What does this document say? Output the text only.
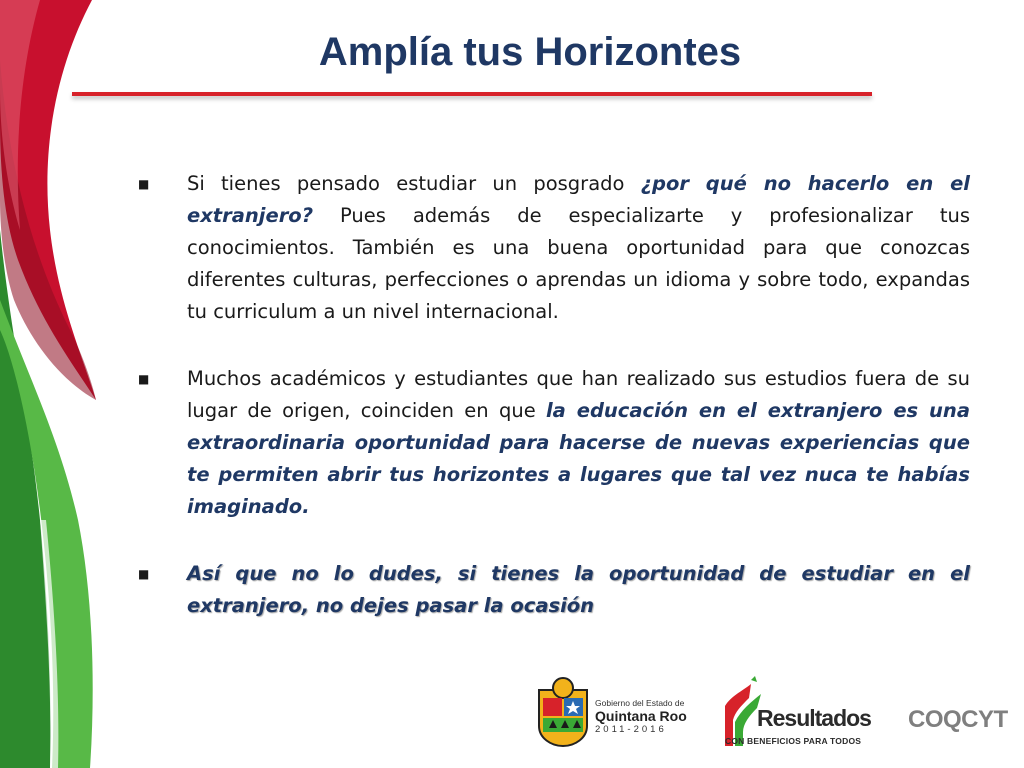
Amplía tus Horizontes
■	Si tienes pensado estudiar un posgrado ¿por qué no hacerlo en el extranjero? Pues además de especializarte y profesionalizar tus conocimientos. También es una buena oportunidad para que conozcas diferentes culturas, perfecciones o aprendas un idioma y sobre todo, expandas tu curriculum a un nivel internacional.
■	Muchos académicos y estudiantes que han realizado sus estudios fuera de su lugar de origen, coinciden en que la educación en el extranjero es una extraordinaria oportunidad para hacerse de nuevas experiencias que te permiten abrir tus horizontes a lugares que tal vez nuca te habías imaginado.
■	Así que no lo dudes, si tienes la oportunidad de estudiar en el extranjero, no dejes pasar la ocasión
Gobierno del Estado de
Quintana Roo
2011-2016	Resultados
CON BENEFICIOS PARA TODOS
COQCYT
